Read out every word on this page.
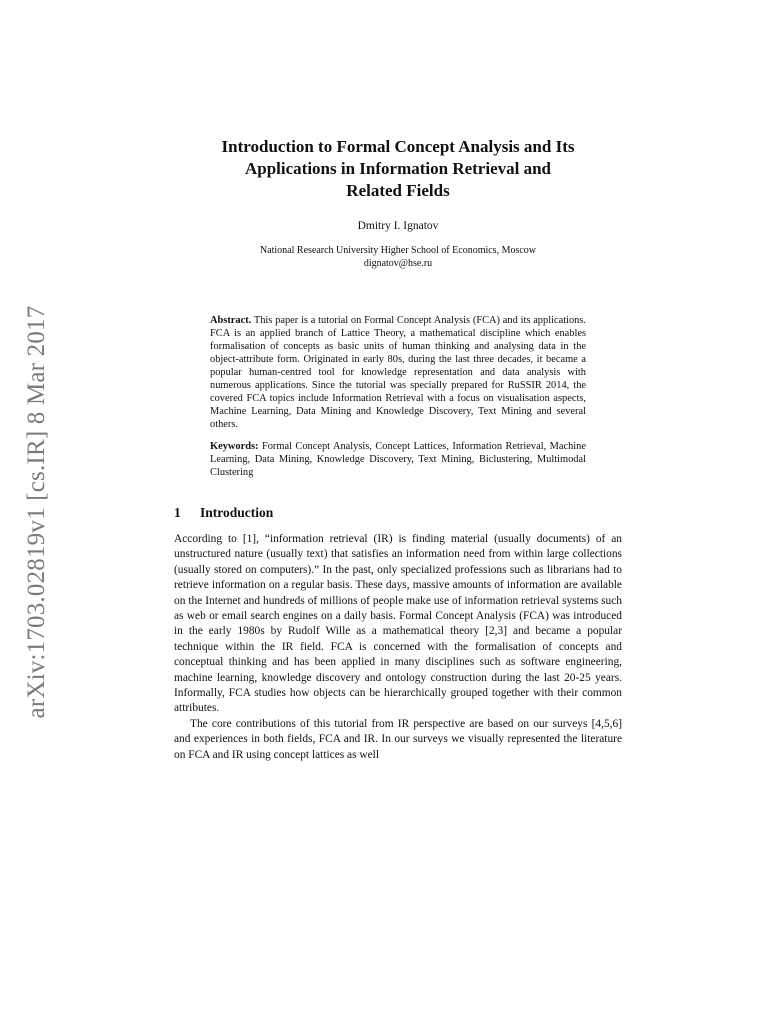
arXiv:1703.02819v1 [cs.IR] 8 Mar 2017
Introduction to Formal Concept Analysis and Its
Applications in Information Retrieval and
Related Fields
Dmitry I. Ignatov
National Research University Higher School of Economics, Moscow
dignatov@hse.ru

Abstract. This paper is a tutorial on Formal Concept Analysis (FCA) and its applications. FCA is an applied branch of Lattice Theory, a mathematical discipline which enables formalisation of concepts as basic units of human thinking and analysing data in the object-attribute form. Originated in early 80s, during the last three decades, it became a popular human-centred tool for knowledge representation and data analysis with numerous applications. Since the tutorial was specially prepared for RuSSIR 2014, the covered FCA topics include Information Retrieval with a focus on visualisation aspects, Machine Learning, Data Mining and Knowledge Discovery, Text Mining and several others.

Keywords: Formal Concept Analysis, Concept Lattices, Information Retrieval, Machine Learning, Data Mining, Knowledge Discovery, Text Mining, Biclustering, Multimodal Clustering

1 Introduction

According to [1], “information retrieval (IR) is finding material (usually documents) of an unstructured nature (usually text) that satisfies an information need from within large collections (usually stored on computers).” In the past, only specialized professions such as librarians had to retrieve information on a regular basis. These days, massive amounts of information are available on the Internet and hundreds of millions of people make use of information retrieval systems such as web or email search engines on a daily basis. Formal Concept Analysis (FCA) was introduced in the early 1980s by Rudolf Wille as a mathematical theory [2,3] and became a popular technique within the IR field. FCA is concerned with the formalisation of concepts and conceptual thinking and has been applied in many disciplines such as software engineering, machine learning, knowledge discovery and ontology construction during the last 20-25 years. Informally, FCA studies how objects can be hierarchically grouped together with their common attributes.

The core contributions of this tutorial from IR perspective are based on our surveys [4,5,6] and experiences in both fields, FCA and IR. In our surveys we visually represented the literature on FCA and IR using concept lattices as well
